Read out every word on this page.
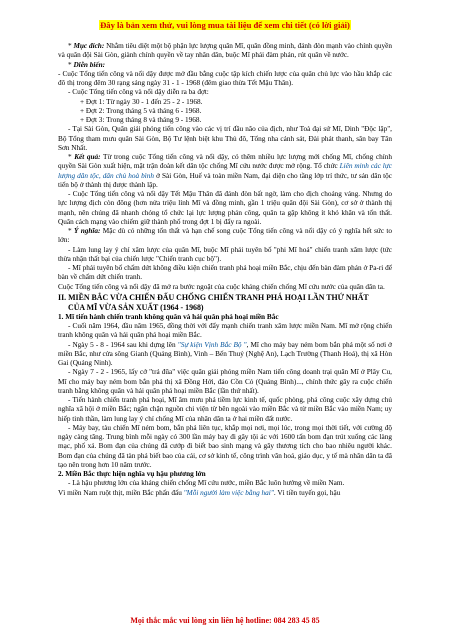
Đây là bản xem thử, vui lòng mua tài liệu để xem chi tiết (có lời giải)

* Mục đích: Nhằm tiêu diệt một bộ phận lực lượng quân Mĩ, quân đồng minh, đánh đòn mạnh vào chính quyền và quân đội Sài Gòn, giành chính quyền về tay nhân dân, buộc Mĩ phải đàm phán, rút quân về nước.

* Diễn biến:

- Cuộc Tổng tiến công và nổi dậy được mở đầu bằng cuộc tập kích chiến lược của quân chủ lực vào hầu khắp các đô thị trong đêm 30 rạng sáng ngày 31 - 1 - 1968 (đêm giao thừa Tết Mậu Thân).

- Cuộc Tổng tiến công và nổi dậy diễn ra ba đợt:

+ Đợt 1: Từ ngày 30 - 1 đến 25 - 2 - 1968.

+ Đợt 2: Trong tháng 5 và tháng 6 - 1968.

+ Đợt 3: Trong tháng 8 và tháng 9 - 1968.

- Tại Sài Gòn, Quân giải phóng tiến công vào các vị trí đầu não của địch, như Toà đại sứ Mĩ, Dinh "Độc lập", Bộ Tổng tham mưu quân Sài Gòn, Bộ Tư lệnh biệt khu Thủ đô, Tổng nha cảnh sát, Đài phát thanh, sân bay Tân Sơn Nhất.

* Kết quả: Từ trong cuộc Tổng tiến công và nổi dậy, có thêm nhiều lực lượng mới chống Mĩ, chống chính quyền Sài Gòn xuất hiện, mặt trận đoàn kết dân tộc chống Mĩ cứu nước được mở rộng. Tổ chức Liên minh các lực lượng dân tộc, dân chủ hoà bình ở Sài Gòn, Huế và toàn miền Nam, đại diện cho tầng lớp trí thức, tư sản dân tộc tiến bộ ở thành thị được thành lập.

- Cuộc Tổng tiến công và nổi dậy Tết Mậu Thân đã đánh đòn bất ngờ, làm cho địch choáng váng. Nhưng do lực lượng địch còn đông (hơn nửa triệu lính Mĩ và đồng minh, gần 1 triệu quân đội Sài Gòn), cơ sở ở thành thị mạnh, nên chúng đã nhanh chóng tổ chức lại lực lượng phản công, quân ta gặp không ít khó khăn và tổn thất. Quân cách mạng vào chiếm giữ thành phố trong đợt 1 bị đẩy ra ngoài.

* Ý nghĩa: Mặc dù có những tổn thất và hạn chế song cuộc Tổng tiến công và nổi dậy có ý nghĩa hết sức to lớn:

- Làm lung lay ý chí xâm lược của quân Mĩ, buộc Mĩ phải tuyên bố "phi Mĩ hoá" chiến tranh xâm lược (tức thừa nhận thất bại của chiến lược "Chiến tranh cục bộ").

- Mĩ phải tuyên bố chấm dứt không điều kiện chiến tranh phá hoại miền Bắc, chịu đến bàn đàm phán ở Pa-ri để bàn về chấm dứt chiến tranh.

Cuộc Tổng tiến công và nổi dậy đã mở ra bước ngoặt của cuộc kháng chiến chống Mĩ cứu nước của quân dân ta.

II. MIỀN BẮC VỪA CHIẾN ĐẤU CHỐNG CHIẾN TRANH PHÁ HOẠI LẦN THỨ NHẤT
CỦA MĨ VỪA SẢN XUẤT (1964 - 1968)

1. Mĩ tiến hành chiến tranh không quân và hải quân phá hoại miền Bắc

- Cuối năm 1964, đầu năm 1965, đồng thời với đẩy mạnh chiến tranh xâm lược miền Nam. Mĩ mở rộng chiến tranh không quân và hải quân phá hoại miền Bắc.

- Ngày 5 - 8 - 1964 sau khi dựng lên "Sự kiện Vịnh Bắc Bộ ", Mĩ cho máy bay ném bom bắn phá một số nơi ở miền Bắc, như cửa sông Gianh (Quảng Bình), Vinh – Bến Thuỷ (Nghệ An), Lạch Trường (Thanh Hoá), thị xã Hòn Gai (Quảng Ninh).

- Ngày 7 - 2 - 1965, lấy cớ "trả đũa" việc quân giải phóng miền Nam tiến công doanh trại quân Mĩ ở Plây Cu, Mĩ cho máy bay ném bom bắn phá thị xã Đồng Hới, đảo Cồn Cỏ (Quảng Bình)..., chính thức gây ra cuộc chiến tranh bằng không quân và hải quân phá hoại miền Bắc (lần thứ nhất).

- Tiến hành chiến tranh phá hoại, Mĩ âm mưu phá tiềm lực kinh tế, quốc phòng, phá công cuộc xây dựng chủ nghĩa xã hội ở miền Bắc; ngăn chặn nguồn chi viện từ bên ngoài vào miền Bắc và từ miền Bắc vào miền Nam; uy hiếp tinh thần, làm lung lay ý chí chống Mĩ của nhân dân ta ở hai miền đất nước.

- Máy bay, tàu chiến Mĩ ném bom, bắn phá liên tục, khắp mọi nơi, mọi lúc, trong mọi thời tiết, với cường độ ngày càng tăng. Trung bình mỗi ngày có 300 lần máy bay đi gây tội ác với 1600 tấn bom đạn trút xuống các làng mạc, phố xá. Bom đạn của chúng đã cướp đi biết bao sinh mạng và gây thương tích cho bao nhiêu người khác. Bom đạn của chúng đã tàn phá biết bao của cải, cơ sở kinh tế, công trình văn hoá, giáo dục, y tế mà nhân dân ta đã tạo nên trong hơn 10 năm trước.

2. Miền Bắc thực hiện nghĩa vụ hậu phương lớn

- Là hậu phương lớn của kháng chiến chống Mĩ cứu nước, miền Bắc luôn hướng về miền Nam.

Vì miền Nam ruột thịt, miền Bắc phấn đấu "Mỗi người làm việc bằng hai". Vì tiền tuyến gọi, hậu

Mọi thắc mắc vui lòng xin liên hệ hotline: 084 283 45 85
